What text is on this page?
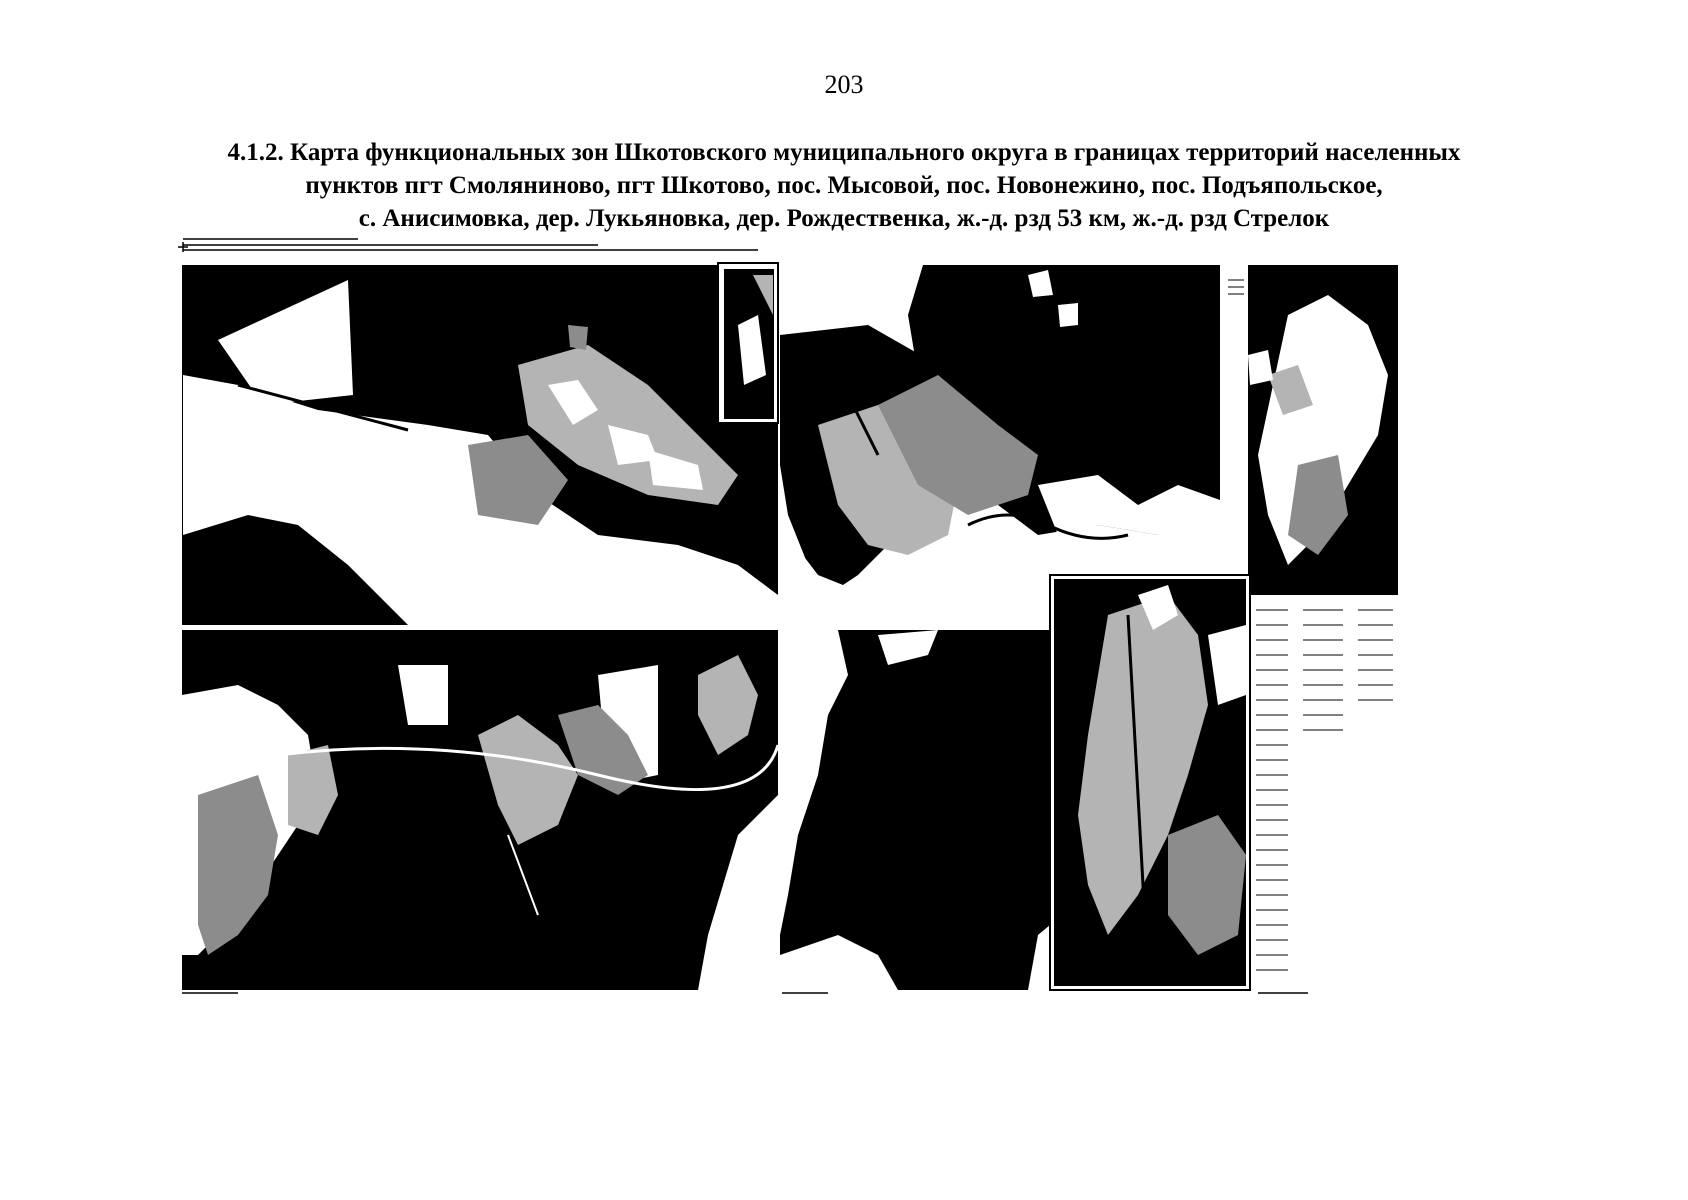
203
4.1.2. Карта функциональных зон Шкотовского муниципального округа в границах территорий населенных
пунктов пгт Смоляниново, пгт Шкотово, пос. Мысовой, пос. Новонежино, пос. Подъяпольское,
с. Анисимовка, дер. Лукьяновка, дер. Рождественка, ж.-д. рзд 53 км, ж.-д. рзд Стрелок
